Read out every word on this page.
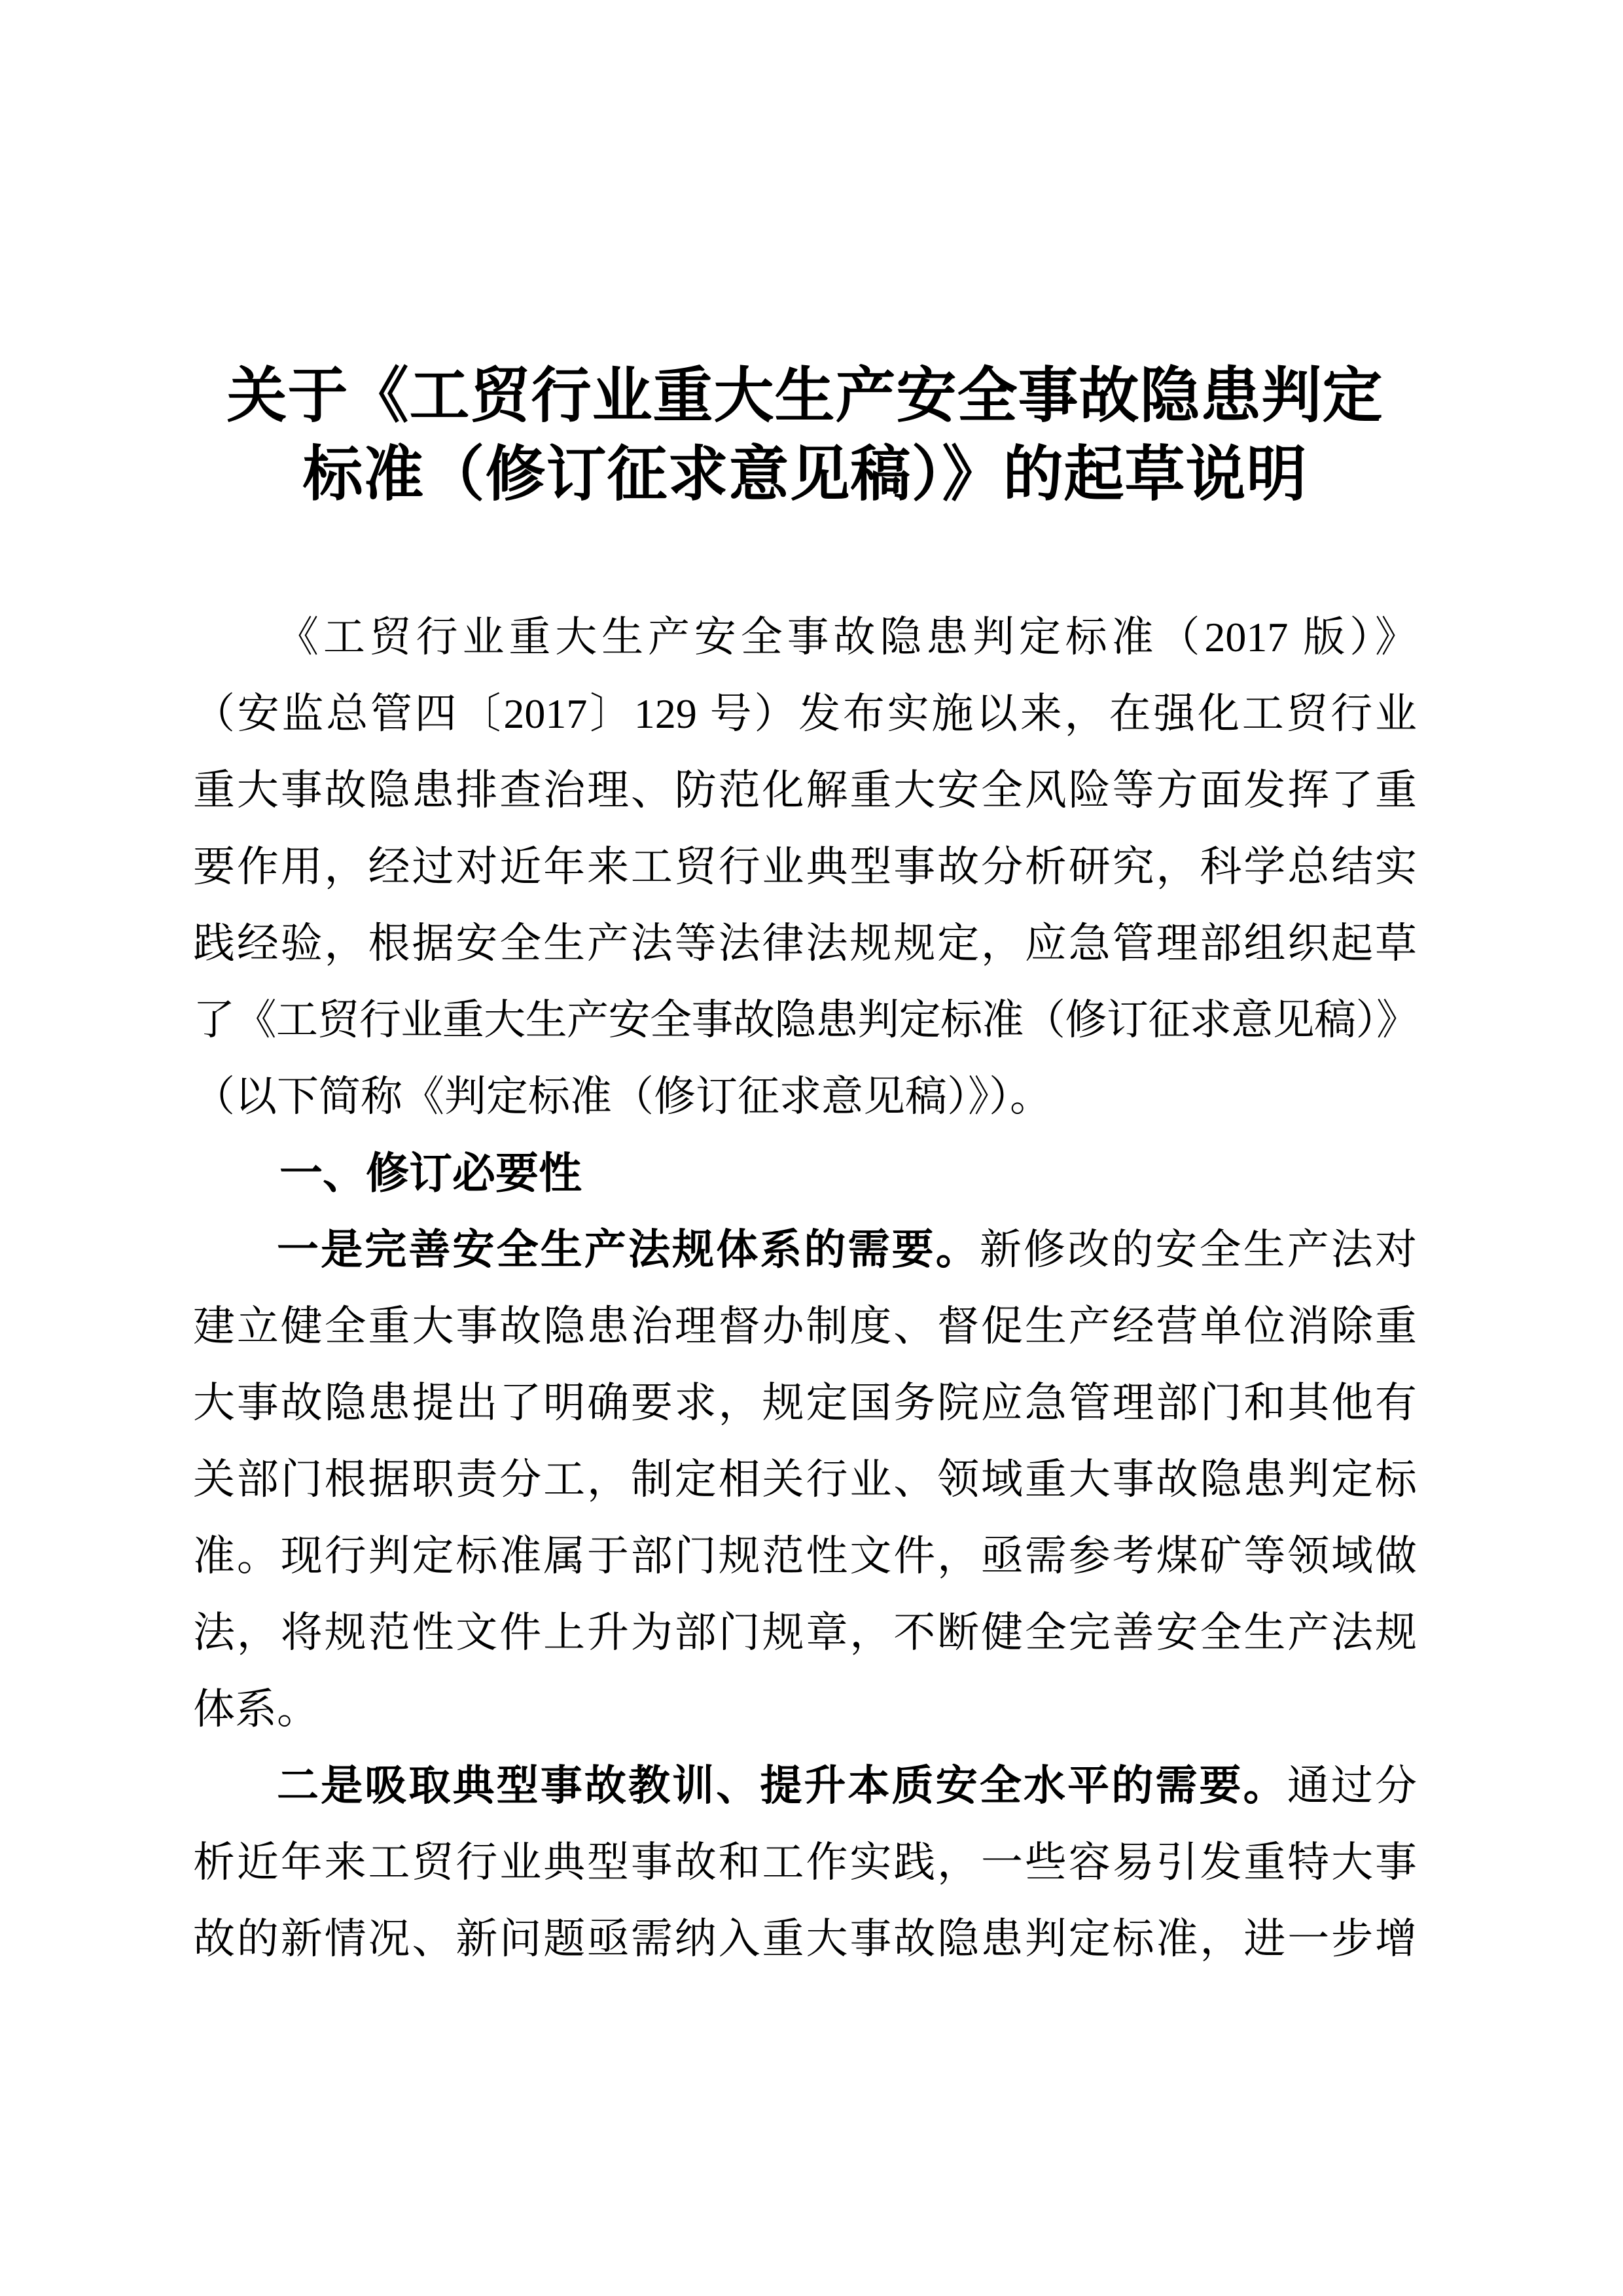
关于《工贸行业重大生产安全事故隐患判定
标准（修订征求意见稿）》的起草说明
《工贸行业重大生产安全事故隐患判定标准（2017 版）》
（安监总管四〔2017〕129 号）发布实施以来，在强化工贸行业
重大事故隐患排查治理、防范化解重大安全风险等方面发挥了重
要作用，经过对近年来工贸行业典型事故分析研究，科学总结实
践经验，根据安全生产法等法律法规规定，应急管理部组织起草
了《工贸行业重大生产安全事故隐患判定标准（修订征求意见稿）》
（以下简称《判定标准（修订征求意见稿）》）。
一、修订必要性
一是完善安全生产法规体系的需要。新修改的安全生产法对
建立健全重大事故隐患治理督办制度、督促生产经营单位消除重
大事故隐患提出了明确要求，规定国务院应急管理部门和其他有
关部门根据职责分工，制定相关行业、领域重大事故隐患判定标
准。现行判定标准属于部门规范性文件，亟需参考煤矿等领域做
法，将规范性文件上升为部门规章，不断健全完善安全生产法规
体系。
二是吸取典型事故教训、提升本质安全水平的需要。通过分
析近年来工贸行业典型事故和工作实践，一些容易引发重特大事
故的新情况、新问题亟需纳入重大事故隐患判定标准，进一步增
